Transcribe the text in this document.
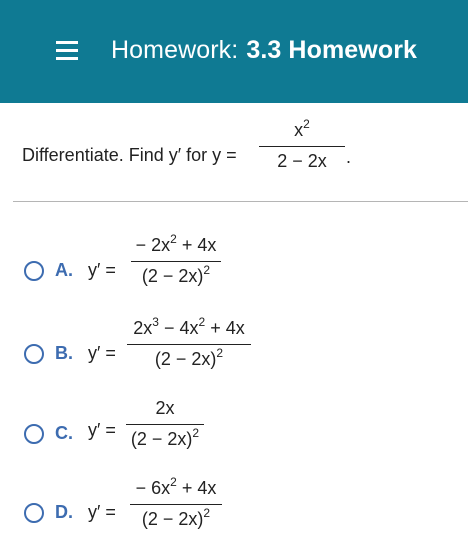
Homework: 3.3 Homework
Differentiate. Find y′ for $y = \frac{x^2}{2 - 2x}$ .
A. $y' = \frac{- 2x^2 + 4x}{(2 - 2x)^2}$
B. $y' = \frac{2x^3 - 4x^2 + 4x}{(2 - 2x)^2}$
C. $y' = \frac{2x}{(2 - 2x)^2}$
D. $y' = \frac{- 6x^2 + 4x}{(2 - 2x)^2}$
